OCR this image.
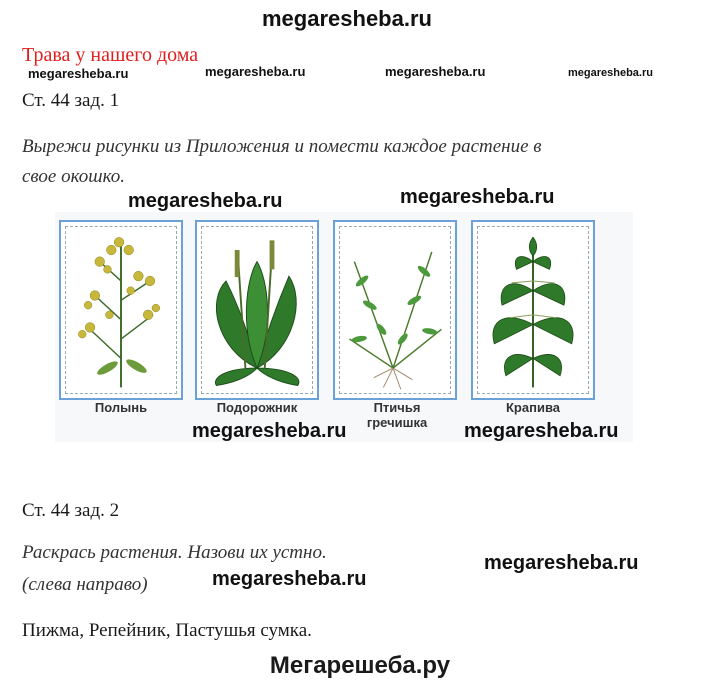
megaresheba.ru
Трава у нашего дома
megaresheba.ru	megaresheba.ru	megaresheba.ru	megaresheba.ru
Ст. 44 зад. 1
Вырежи рисунки из Приложения и помести каждое растение в
свое окошко.
Полынь	Подорожник	Птичья
гречишка
Крапива
megaresheba.ru	megaresheba.ru
megaresheba.ru	megaresheba.ru
Ст. 44 зад. 2
Раскрась растения. Назови их устно.
(слева направо)
megaresheba.ru
megaresheba.ru
Пижма, Репейник, Пастушья сумка.
Мегарешеба.ру
